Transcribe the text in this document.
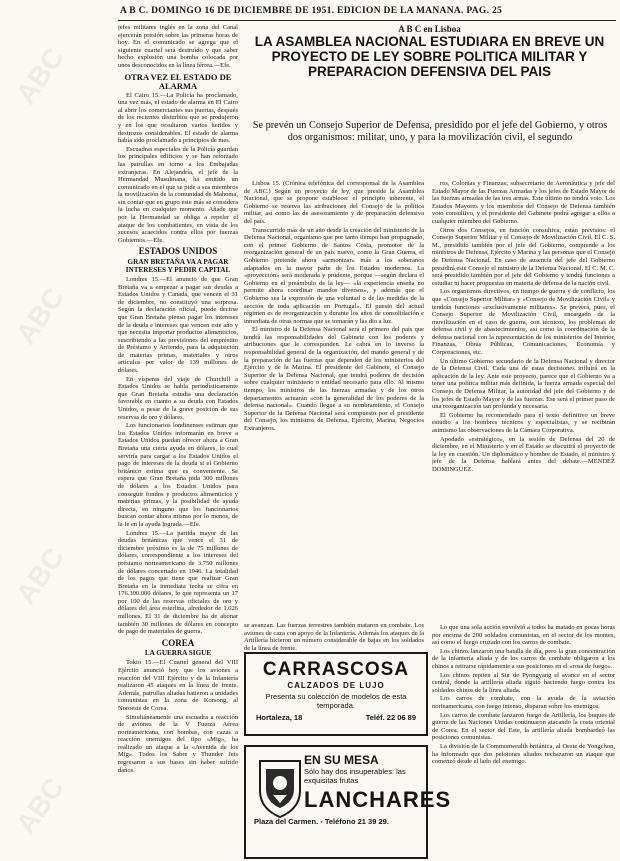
A B C. DOMINGO 16 DE DICIEMBRE DE 1951. EDICION DE LA MAÑANA. PAG. 25

jefes militares inglés en la zona del Canal ejercerán presión sobre las primeras horas de hoy. En el comunicado se agrega que el siguiente cuartel será destruído y que saber hecho explosión una bomba colocada por unos desconocidos en la línea férrea.—Efe.

OTRA VEZ EL ESTADO DE ALARMA

El Cairo 15.—La Policía ha proclamado, una vez más, el estado de alarma en El Cairo al abrir los comerciantes sus puertas, después de los recientes disturbios que se produjeron y en los que resultaron varios heridos y destrozos considerables. El estado de alarma había sido proclamado a principios de mes.

Escuadras especiales de la Policía guardan los principales edificios y se han reforzado las patrullas en torno a los Embajadas extranjeras. En Alejandría, el jefe de la Hermandad Musulmana, ha emitido un comunicado en el que se pide a sus miembros la movilización de la comunidad de Mahoma, sin contar que en grupo este más se considera la lucha en cualquier momento. Añade que por la Hermandad se obliga a repeler el ataque de los combatientes, en vista de los sucesos acaecidos contra ellos por fuerzas Gobiernos.—Efe.

ESTADOS UNIDOS
GRAN BRETAÑA VA A PAGAR INTERESES Y PEDIR CAPITAL

Londres 15.—El anuncio de que Gran Bretaña va a empezar a pagar sus deudas a Estados Unidos y Canadá, que vencen el 31 de diciembre, no constituyó una sorpresa. Según la declaración oficial, puede decirse que Gran Bretaña pienso pagar los intereses de la deuda e intereses que vencen este año y que necesita importar productos alimenticios, suscribiendo a las previsiones del empréstito de Préstamo y Arriendo, para la adquisición de materias primas, materiales y otros artículos por valor de 139 millones de dólares.

En vísperas del viaje de Churchill a Estados Unidos se habla periodísticamente que Gran Bretaña estudia una declaración favorable en cuanto a su deuda con Estados Unidos, a pesar de la grave posición de sus reservas de oro y dólares.

Los funcionarios londinenses estiman que los Estados Unidos informarán en breve a Estados Unidos puedan ofrecer ahora a Gran Bretaña una cierta ayuda en dólares, lo cual serviría para cargar a los Estados Unidos el pago de intereses de la deuda si el Gobierno británico estima que es conveniente. Se espera que Gran Bretaña pida 300 millones de dólares a los Estados Unidos para conseguir fondos y productos alimenticios y materias primas, y la posibilidad de ayuda directa, en ninguno que los funcionarios buscan contar ahora mismo por lo menos, de la fe en la ayuda lograda.—Efe.

Londres 15.—La partida mayor de las deudas británicas que vence el 31 de diciembre próximo es la de 75 millones de dólares, correspondiente a los intereses del préstamo norteamericano de 3.750 millones de dólares concertado en 1946. La totalidad de los pagos que tiene que realizar Gran Bretaña en la inmediata fecha se cifra en 176.300.000 dólares, lo que representa un 17 por 100 de las reservas oficiales de oro y dólares del área esterlina, alrededor de 1.026 millones. El 31 de diciembre ha de abonar también 30 millones de dólares en concepto de pago de materiales de guerra.

COREA
LA GUERRA SIGUE

Tokio 15.—El Cuartel general del VIII Ejército anunció hoy que los aviones a reacción del VIII Ejército y de la Infantería realizaron 45 ataques en la línea de frente. Además, patrullas aliadas batieron a unidades comunistas en la zona de Korsong, al Noroeste de Corea.

Simultáneamente una escuadra a reacción de aviones de la V Fuerza Aérea norteamericana, con bombas, con cazas a reacción enemigos del tipo «Mig», ha realizado un ataque a la «Avenida de los Mig». Todos los Sabre y Thunder Jets regresaron a sus bases sin haber sufrido daños.

A B C en Lisboa
LA ASAMBLEA NACIONAL ESTUDIARA EN BREVE UN PROYECTO DE LEY SOBRE POLITICA MILITAR Y PREPARACION DEFENSIVA DEL PAIS
Se prevén un Consejo Superior de Defensa, presidido por el jefe del Gobierno, y otros dos organismos: militar, uno, y para la movilización civil, el segundo

Lisboa 15. (Crónica telefónica del corresponsal de la Asamblea de ABC.) Según un proyecto de ley, que preside la Asamblea Nacional, que se propone establecer el principio inherente, el Gobierno se reserva las atribuciones del Consejo de la política militar, así como las de asesoramiento y de preparación defensiva del país.

Transcurrido más de un año desde la creación del ministerio de la Defensa Nacional, organismo que por tanto tiempo han propugnado, con el primer Gobierno de Santos Costa, promotor de la reorganización general de un país nuevo, como la Gran Guerra, el Gobierno pretende ahora «armonizar» más a los soberanos adaptados en la mayor parte de los Estados modernos. La «proyección» será moderada y prudente, porque —según declara el Gobierno en el preámbulo de la ley— «la experiencia enseña no permite ahora coordinar mandos diversos», y además que el Gobierno sea la expresión de una voluntad o de las medidas de la sección de toda aplicación en Portugal». El puesto del actual régimen es de reorganización y durante los años de consolidación e inmediata de otras normas que se tomarán y las dio a luz.

El ministro de la Defensa Nacional será el primero del país que tendrá las responsabilidades del Gabinete con los poderes y atribuciones que le corresponden. Le cabrá en lo inverso la responsabilidad general de la organización, del mando general y de la preparación de las fuerzas que dependen de los ministerios del Ejército y de la Marina. El presidente del Gabinete, el Consejo Superior de la Defensa Nacional, que tendrá poderes de decisión sobre cualquier ministerio o entidad necesario para ello. Al mismo tiempo, los ministros de las fuerzas armadas y de los otros departamentos actuarán «con la generalidad de los poderes de la defensa nacional». Cuando llegue a su nombramiento, el Consejo Superior de la Defensa Nacional será compuesto por el presidente del Consejo, los ministros de Defensa, Ejército, Marina, Negocios Extranjeros.

se avanzan. Las fuerzas terrestres también mataron en combate. Los aviones de caza con apoyo de la Infantería. Además los ataques de la Artillería hicieron un número considerable de bajas en los soldados de la línea de frente.

ros, Colonias y Finanzas; subsecretario de Aeronáutica y jefe del Estado Mayor de las Fuerzas Armadas y los jefes de Estado Mayor de las fuerzas armadas de las tres armas. Este último no tendrá voto. Los Estados Mayores y los miembros del Consejo de Defensa también voto consultivo, y el presidente del Gabinete podrá agregar a ellos a cualquier miembro del Gobierno.

Otros dos Consejos, en función consultiva, están previstos: el Consejo Superior Militar y el Consejo de Movilización Civil. El C. S. M., presidido también por el jefe del Gobierno, comprende a los ministros de Defensa, Ejército y Marina y las personas que el Consejo de Defensa Nacional. En caso de ausencia del jefe del Gobierno presidirá este Consejo el ministro de la Defensa Nacional. El C. M. C. será presidido también por el jefe del Gobierno y tendrá funciones a estudiar ni hacer propuestas en materia de defensa de la nación civil.

Los organismos directivos, en tiempo de guerra y de conflicto, los que «Consejo Superior Militar» y «Consejo de Movilización Civil» y tendrán funciones «exclusivamente militares». Se preverá, pues, el Consejo Superior de Movilización Civil, encargado de la movilización en el caso de guerra, con técnicos, los problemas de defensa civil y de abastecimientos, así como la coordinación de la defensa nacional con la representación de los ministerios del Interior, Finanzas, Obras Públicas, Comunicaciones, Economía y Corporaciones, etc.

Un último Gobierno secundario de la Defensa Nacional y director de la Defensa Civil. Cada una de estas decisiones influirá en la aplicación de la ley. Ante este proyecto, parece que el Gobierno va a tener una política militar más definida, la fuerza armada especial del Consejo de Defensa Militar, la autoridad del jefe del Gobierno y de los jefes de Estado Mayor y de las fuerzas. Ese será el primer paso de una reorganización tan profunda y necesaria.

El Gobierno ha recomendado para el texto definitivo un breve estudio a los hombres técnicos y especialistas, y se recibirán asimismo las observaciones de la Cámara Corporativa.

Apodado «estratégico», en la sesión de Defensa del 20 de diciembre, en el Ministerio y en el Estado se discutirá el proyecto de la ley en cuestión. Un diplomático y hombre de Estado, el ministro y jefe de la Defensa hablará antes del debate.—MENDEZ DOMINGUEZ.

Lo que una sola acción envolvió a todos ha matado en pocas horas por encima de 200 soldados comunistas, en el sector de los montes, así como el fuego cruzado con los carros de combate.

Los chinos lanzaron una batalla de día, pero la gran concentración de la infantería aliada y de los carros de combate obligaron a los chinos a retirarse rápidamente a sus posiciones en el «rosa de fuego».

Los chinos repiten al Sur de Pyongyang el avance en el sector central, donde la artillería aliada siguió haciendo fuego contra los soldados chinos de la línea aliada.

Los carros de combate, con la ayuda de la aviación norteamericana, con fuego intenso, disparan sobre los enemigos.

Los carros de combate lanzaron fuego de Artillería, los buques de guerra de las Naciones Unidas continuaron atacando la costa oriental de Corea. En el sector del Este, la artillería aliada bombardeó las posiciones comunistas.

La división de la Commonwealth británica, al Oeste de Yongchon, ha informado que dos pelotones aliados rechazaron un ataque que comenzó desde el lado del enemigo.

CARRASCOSA
CALZADOS DE LUJO
Presenta su colección de modelos de esta temporada.
Hortaleza, 18	Teléf. 22 06 89
EN SU MESA
Sólo hay dos insuperables: las exquisitas frutas
LANCHARES
Plaza del Carmen. - Teléfono 21 39 29.
ABC
ABC
ABC
ABC
